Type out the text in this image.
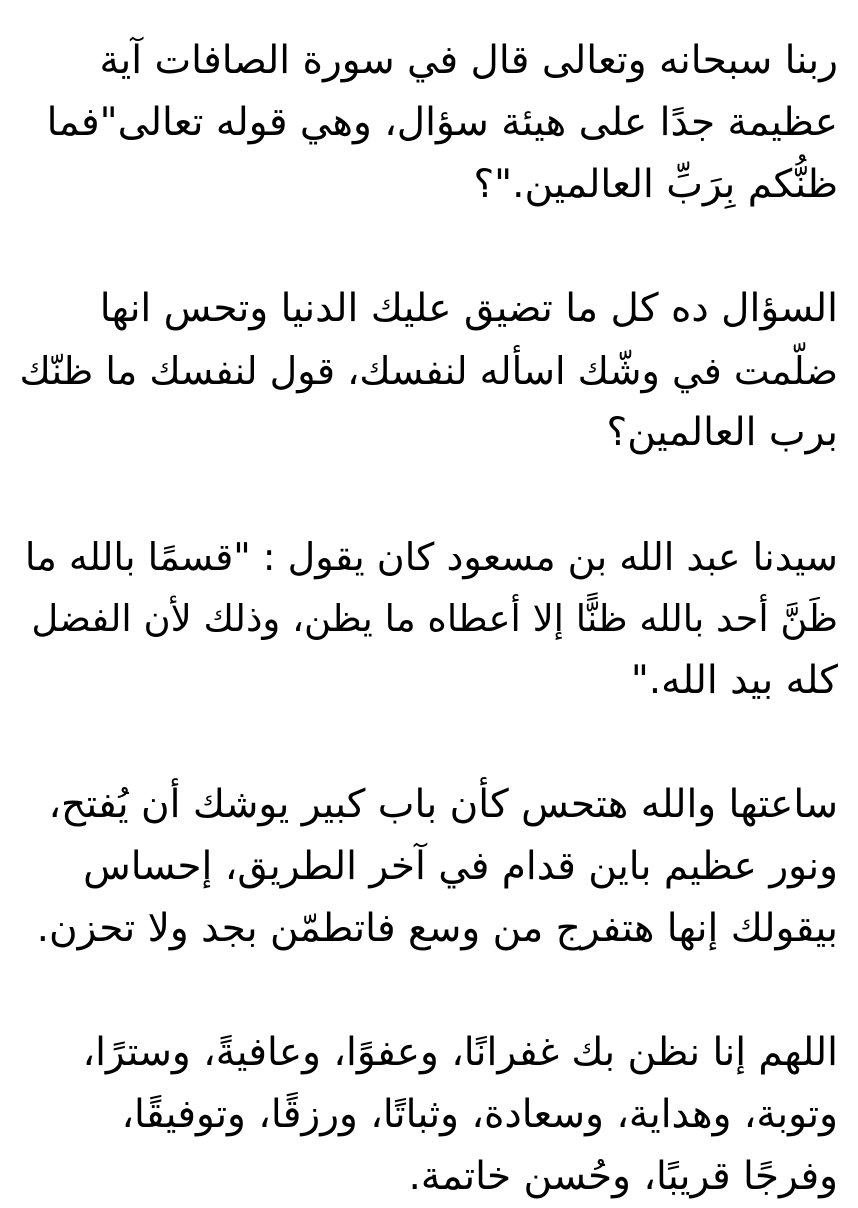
ربنا سبحانه وتعالى قال في سورة الصافات آية
عظيمة جدًا على هيئة سؤال، وهي قوله تعالى"فما
ظنُّكم بِرَبِّ العالمين."؟

السؤال ده كل ما تضيق عليك الدنيا وتحس انها
ضلّمت في وشّك اسأله لنفسك، قول لنفسك ما ظنّك
برب العالمين؟

سيدنا عبد الله بن مسعود كان يقول : "قسمًا بالله ما
ظَنَّ أحد بالله ظنًّا إلا أعطاه ما يظن، وذلك لأن الفضل
كله بيد الله."

ساعتها والله هتحس كأن باب كبير يوشك أن يُفتح،
ونور عظيم باين قدام في آخر الطريق، إحساس
بيقولك إنها هتفرج من وسع فاتطمّن بجد ولا تحزن.

اللهم إنا نظن بك غفرانًا، وعفوًا، وعافيةً، وسترًا،
وتوبة، وهداية، وسعادة، وثباتًا، ورزقًا، وتوفيقًا،
وفرجًا قريبًا، وحُسن خاتمة.
